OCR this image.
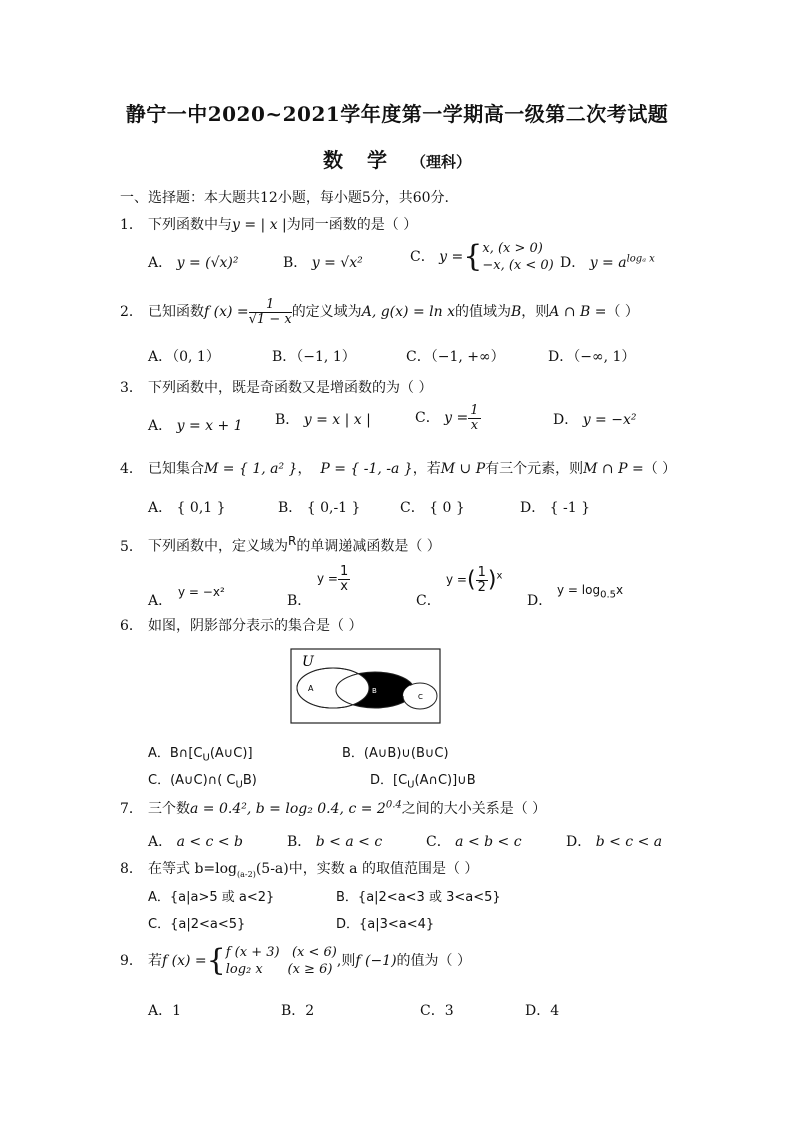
静宁一中2020~2021学年度第一学期高一级第二次考试题
数学（理科）
一、选择题：本大题共12小题，每小题5分，共60分.
1． 下列函数中与y = | x |为同一函数的是（ ）
A． y = (√x)²	B． y = √x²	C． y ={ x, (x > 0)
−x, (x < 0) D． $y = a^{log_a x}$
2． 已知函数f $(x) = \frac{1}{√1 - x}$ 的定义域为A, g(x) = ln x的值域为B，则A ∩ B =（ ）
A．（0, 1）	B．（−1, 1）	C．（−1, +∞）	D．（−∞, 1）
3． 下列函数中，既是奇函数又是增函数的为（ ）
A． y = x + 1 B． y = x | x |	C． $y = \frac{1}{x}$	D． y = −x²
4． 已知集合M = { 1, a² }， P = { -1, -a }，若M ∪ P有三个元素，则M ∩ P =（ ）
A． { 0,1 }	B． { 0,-1 }	C． { 0 }	D． { -1 }
5． 下列函数中，定义域为$^R$的单调递减函数是（ ）
A．
y = −x²
B．
$y = \frac{1}{x}$
C．
y =( $\frac{1}{2} )^x$
D．
$y = \log_{0.5}x$
6． 如图，阴影部分表示的集合是（ ）
U
A	B
C
A．$B\cap[C_U(A\cup C)]$	B．(A∪B)∪(B∪C)
C．(A∪C)∩( $C_UB$)	D．$[C_U(A\cap C)]\cup B$
7． 三个数a = 0.4², b = log₂ 0.4, $c = 2^{0.4}$之间的大小关系是（ ）
A． a < c < b	B． b < a < c	C． a < b < c	D． b < c < a
8． 在等式 $b=\log_{(a-2)}(5-a)$中，实数 a 的取值范围是（ ）
A．{a|a>5 或 a<2}	B．{a|2<a<3 或 3<a<5}
C．{a|2<a<5}	D．{a|3<a<4}
9． 若f (x) ={ f (x + 3)   (x < 6)
log₂ x      (x ≥ 6)
,则f (−1)的值为（ ）
A．1	B．2	C．3	D．4
